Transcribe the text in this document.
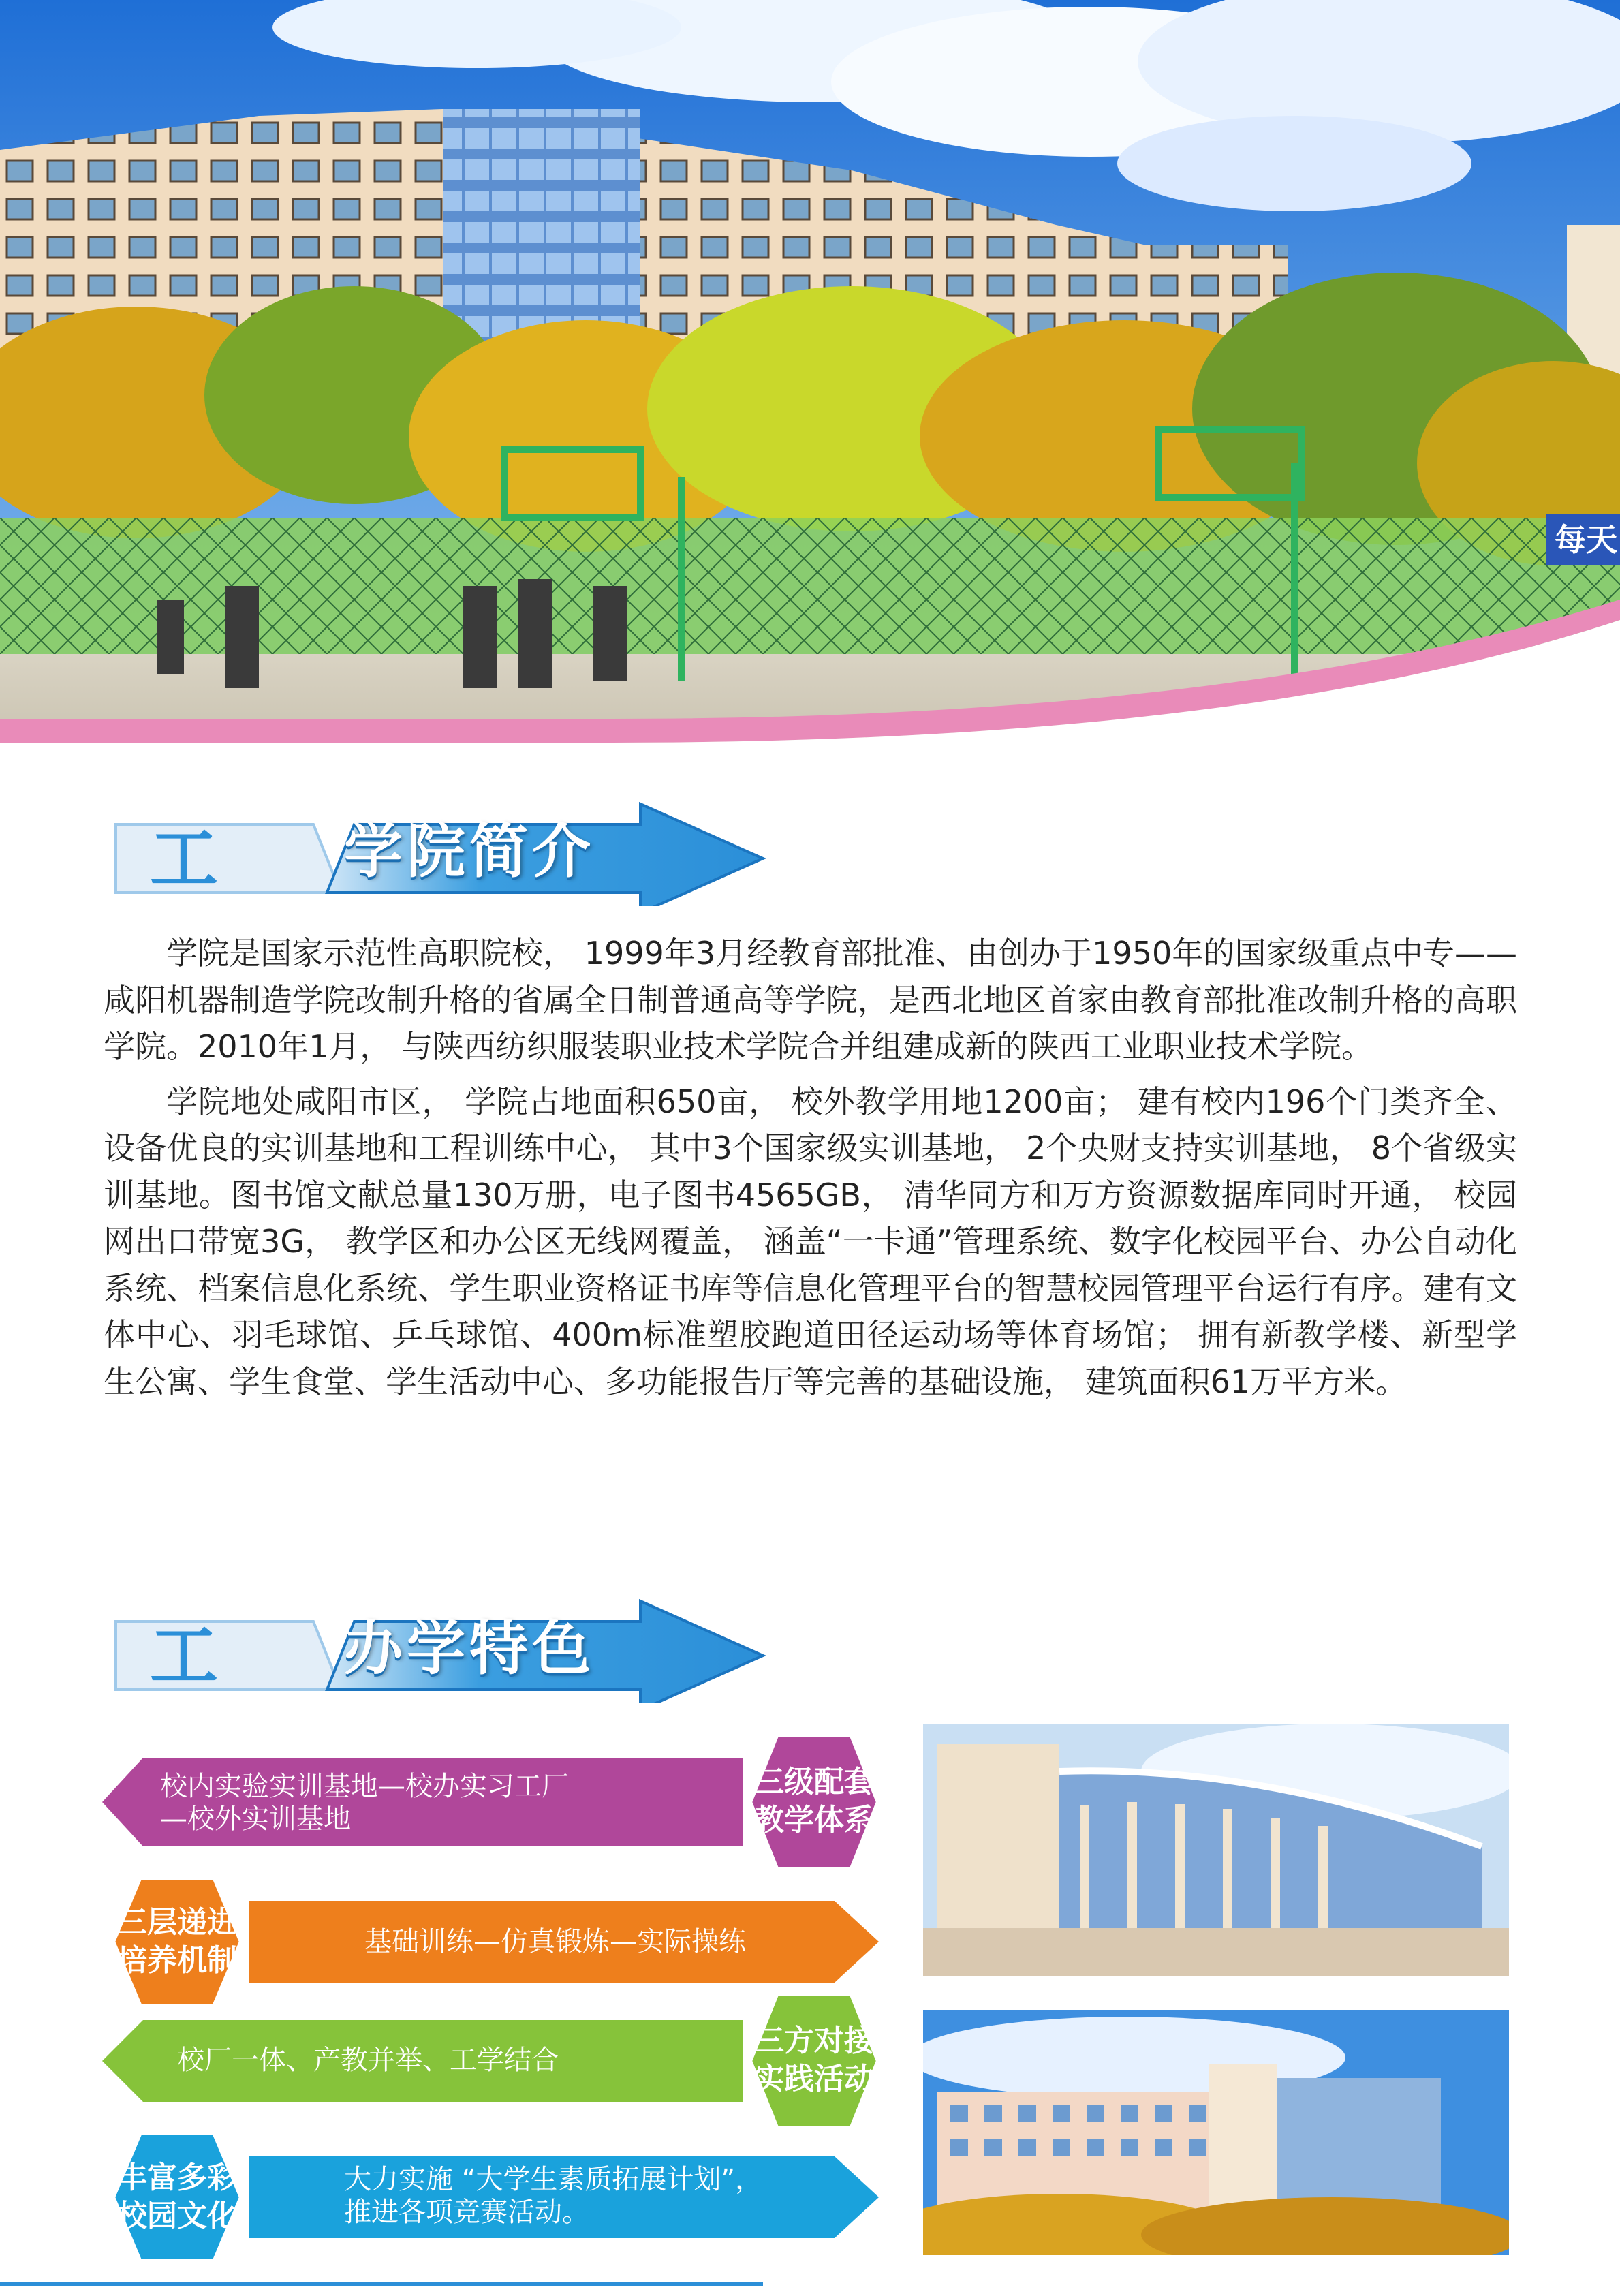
每天
工 学院简介

学院是国家示范性高职院校， 1999年3月经教育部批准、由创办于1950年的国家级重点中专——咸阳机器制造学院改制升格的省属全日制普通高等学院，是西北地区首家由教育部批准改制升格的高职学院。2010年1月， 与陕西纺织服装职业技术学院合并组建成新的陕西工业职业技术学院。

学院地处咸阳市区， 学院占地面积650亩， 校外教学用地1200亩； 建有校内196个门类齐全、设备优良的实训基地和工程训练中心， 其中3个国家级实训基地， 2个央财支持实训基地， 8个省级实训基地。图书馆文献总量130万册，电子图书4565GB， 清华同方和万方资源数据库同时开通， 校园网出口带宽3G， 教学区和办公区无线网覆盖， 涵盖“一卡通”管理系统、数字化校园平台、办公自动化系统、档案信息化系统、学生职业资格证书库等信息化管理平台的智慧校园管理平台运行有序。建有文体中心、羽毛球馆、乒乓球馆、400m标准塑胶跑道田径运动场等体育场馆； 拥有新教学楼、新型学生公寓、学生食堂、学生活动中心、多功能报告厅等完善的基础设施， 建筑面积61万平方米。

工 办学特色
校内实验实训基地—校办实习工厂
—校外实训基地
三级配套
教学体系
三层递进
培养机制
基础训练—仿真锻炼—实际操练
校厂一体、产教并举、工学结合
三方对接
实践活动
丰富多彩
校园文化
大力实施 “大学生素质拓展计划”，
推进各项竞赛活动。
